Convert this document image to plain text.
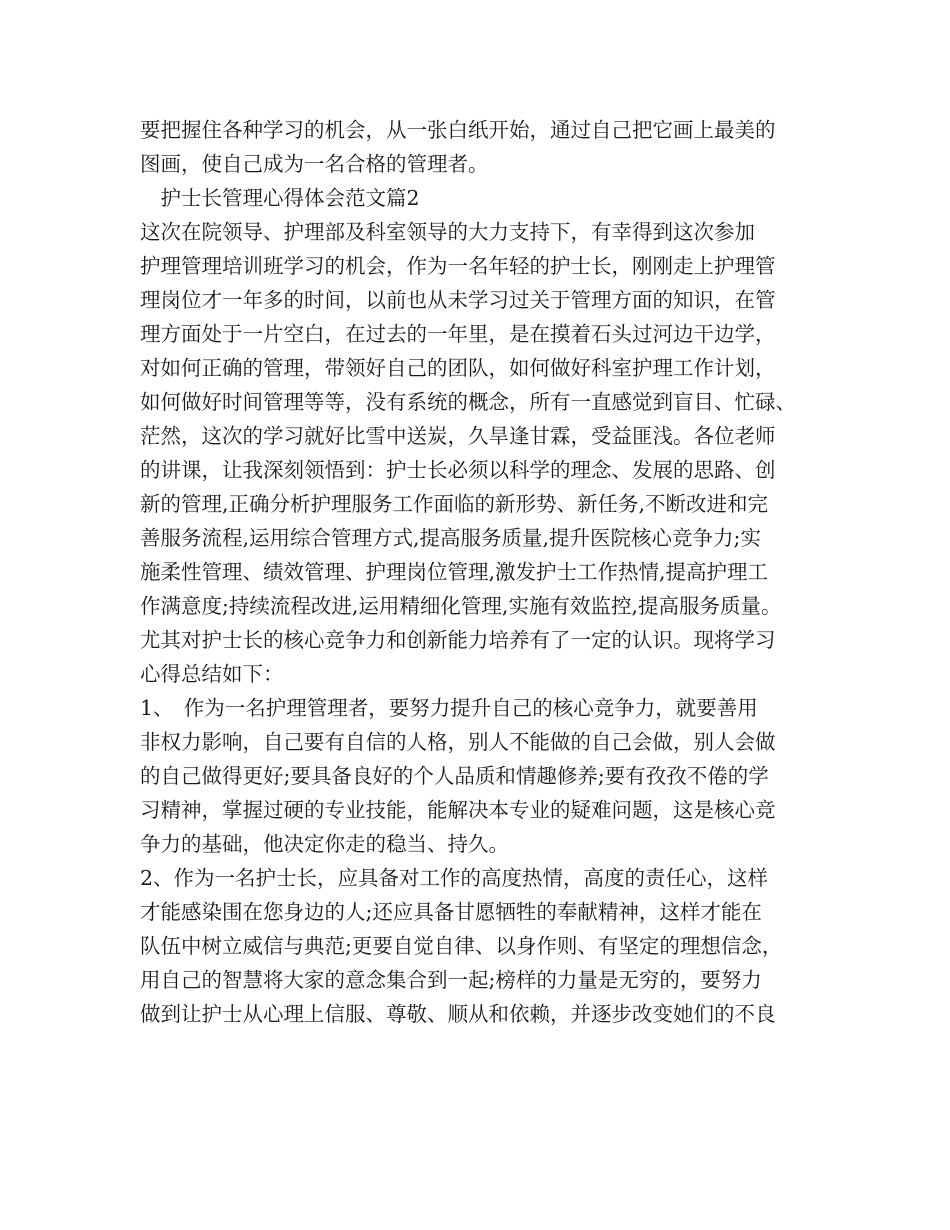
要把握住各种学习的机会，从一张白纸开始，通过自己把它画上最美的
图画，使自己成为一名合格的管理者。
　护士长管理心得体会范文篇2
这次在院领导、护理部及科室领导的大力支持下，有幸得到这次参加
护理管理培训班学习的机会，作为一名年轻的护士长，刚刚走上护理管
理岗位才一年多的时间，以前也从未学习过关于管理方面的知识，在管
理方面处于一片空白，在过去的一年里，是在摸着石头过河边干边学，
对如何正确的管理，带领好自己的团队，如何做好科室护理工作计划，
如何做好时间管理等等，没有系统的概念，所有一直感觉到盲目、忙碌、
茫然，这次的学习就好比雪中送炭，久旱逢甘霖，受益匪浅。各位老师
的讲课，让我深刻领悟到：护士长必须以科学的理念、发展的思路、创
新的管理,正确分析护理服务工作面临的新形势、新任务,不断改进和完
善服务流程,运用综合管理方式,提高服务质量,提升医院核心竞争力;实
施柔性管理、绩效管理、护理岗位管理,激发护士工作热情,提高护理工
作满意度;持续流程改进,运用精细化管理,实施有效监控,提高服务质量。
尤其对护士长的核心竞争力和创新能力培养有了一定的认识。现将学习
心得总结如下：
1、　作为一名护理管理者，要努力提升自己的核心竞争力，就要善用
非权力影响，自己要有自信的人格，别人不能做的自己会做，别人会做
的自己做得更好;要具备良好的个人品质和情趣修养;要有孜孜不倦的学
习精神，掌握过硬的专业技能，能解决本专业的疑难问题，这是核心竞
争力的基础，他决定你走的稳当、持久。
2、作为一名护士长，应具备对工作的高度热情，高度的责任心，这样
才能感染围在您身边的人;还应具备甘愿牺牲的奉献精神，这样才能在
队伍中树立威信与典范;更要自觉自律、以身作则、有坚定的理想信念，
用自己的智慧将大家的意念集合到一起;榜样的力量是无穷的，要努力
做到让护士从心理上信服、尊敬、顺从和依赖，并逐步改变她们的不良
